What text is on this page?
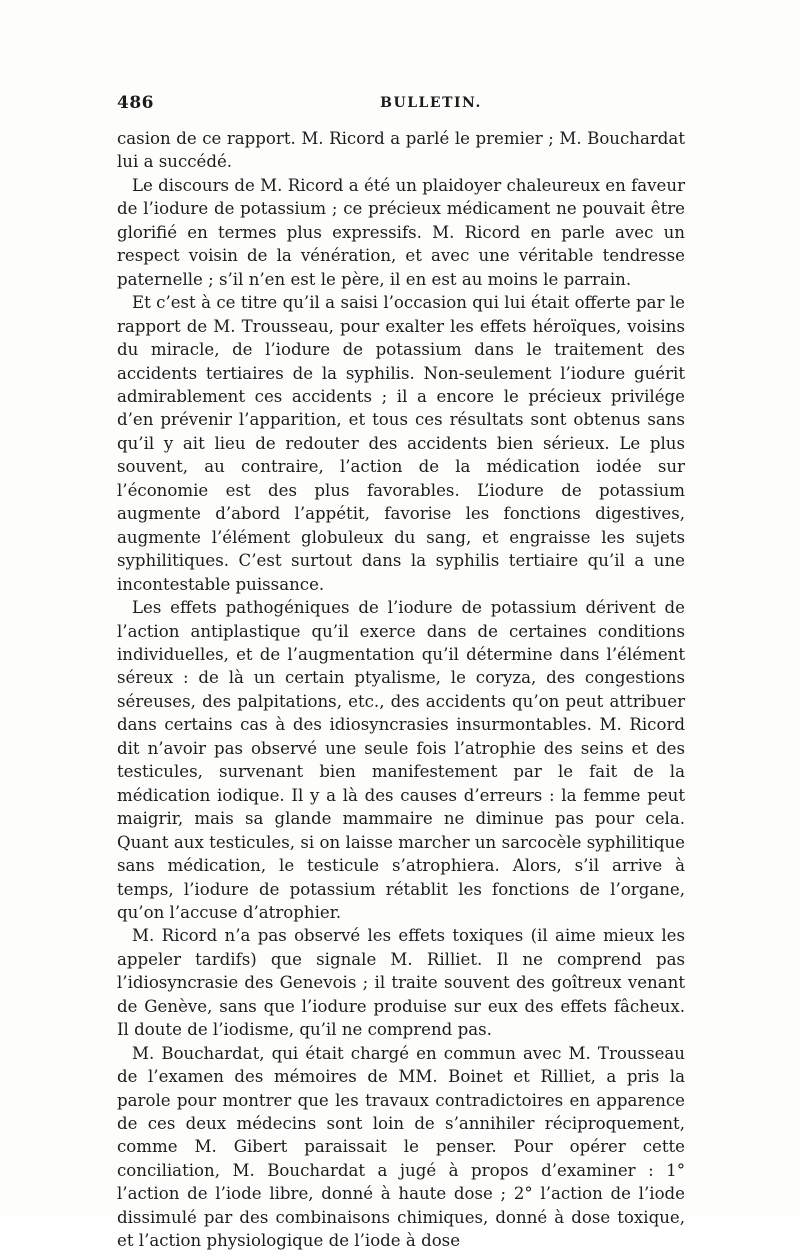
486	BULLETIN.

casion de ce rapport. M. Ricord a parlé le premier ; M. Bouchardat lui a succédé.

Le discours de M. Ricord a été un plaidoyer chaleureux en faveur de l’iodure de potassium ; ce précieux médicament ne pouvait être glorifié en termes plus expressifs. M. Ricord en parle avec un respect voisin de la vénération, et avec une véritable tendresse paternelle ; s’il n’en est le père, il en est au moins le parrain.

Et c’est à ce titre qu’il a saisi l’occasion qui lui était offerte par le rapport de M. Trousseau, pour exalter les effets héroïques, voisins du miracle, de l’iodure de potassium dans le traitement des accidents tertiaires de la syphilis. Non-seulement l’iodure guérit admirablement ces accidents ; il a encore le précieux privilége d’en prévenir l’apparition, et tous ces résultats sont obtenus sans qu’il y ait lieu de redouter des accidents bien sérieux. Le plus souvent, au contraire, l’action de la médication iodée sur l’économie est des plus favorables. L’iodure de potassium augmente d’abord l’appétit, favorise les fonctions digestives, augmente l’élément globuleux du sang, et engraisse les sujets syphilitiques. C’est surtout dans la syphilis tertiaire qu’il a une incontestable puissance.

Les effets pathogéniques de l’iodure de potassium dérivent de l’action antiplastique qu’il exerce dans de certaines conditions individuelles, et de l’augmentation qu’il détermine dans l’élément séreux : de là un certain ptyalisme, le coryza, des congestions séreuses, des palpitations, etc., des accidents qu’on peut attribuer dans certains cas à des idiosyncrasies insurmontables. M. Ricord dit n’avoir pas observé une seule fois l’atrophie des seins et des testicules, survenant bien manifestement par le fait de la médication iodique. Il y a là des causes d’erreurs : la femme peut maigrir, mais sa glande mammaire ne diminue pas pour cela. Quant aux testicules, si on laisse marcher un sarcocèle syphilitique sans médication, le testicule s’atrophiera. Alors, s’il arrive à temps, l’iodure de potassium rétablit les fonctions de l’organe, qu’on l’accuse d’atrophier.

M. Ricord n’a pas observé les effets toxiques (il aime mieux les appeler tardifs) que signale M. Rilliet. Il ne comprend pas l’idiosyncrasie des Genevois ; il traite souvent des goîtreux venant de Genève, sans que l’iodure produise sur eux des effets fâcheux. Il doute de l’iodisme, qu’il ne comprend pas.

M. Bouchardat, qui était chargé en commun avec M. Trousseau de l’examen des mémoires de MM. Boinet et Rilliet, a pris la parole pour montrer que les travaux contradictoires en apparence de ces deux médecins sont loin de s’annihiler réciproquement, comme M. Gibert paraissait le penser. Pour opérer cette conciliation, M. Bouchardat a jugé à propos d’examiner : 1° l’action de l’iode libre, donné à haute dose ; 2° l’action de l’iode dissimulé par des combinaisons chimiques, donné à dose toxique, et l’action physiologique de l’iode à dose
